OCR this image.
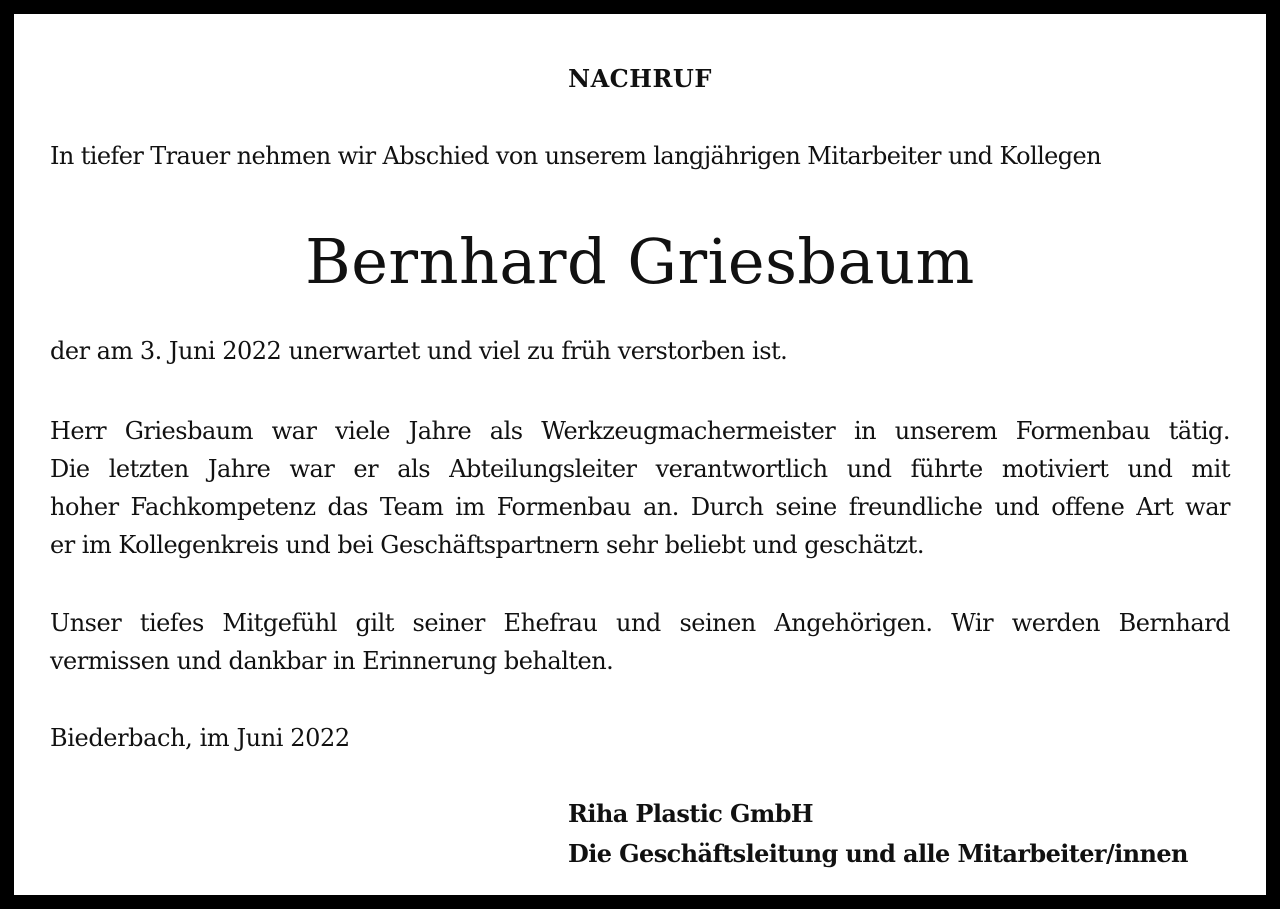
NACHRUF
In tiefer Trauer nehmen wir Abschied von unserem langjährigen Mitarbeiter und Kollegen
Bernhard Griesbaum
der am 3. Juni 2022 unerwartet und viel zu früh verstorben ist.
Herr Griesbaum war viele Jahre als Werkzeugmachermeister in unserem Formenbau tätig.
Die letzten Jahre war er als Abteilungsleiter verantwortlich und führte motiviert und mit
hoher Fachkompetenz das Team im Formenbau an. Durch seine freundliche und offene Art war
er im Kollegenkreis und bei Geschäftspartnern sehr beliebt und geschätzt.
Unser tiefes Mitgefühl gilt seiner Ehefrau und seinen Angehörigen. Wir werden Bernhard
vermissen und dankbar in Erinnerung behalten.
Biederbach, im Juni 2022
Riha Plastic GmbH
Die Geschäftsleitung und alle Mitarbeiter/innen
